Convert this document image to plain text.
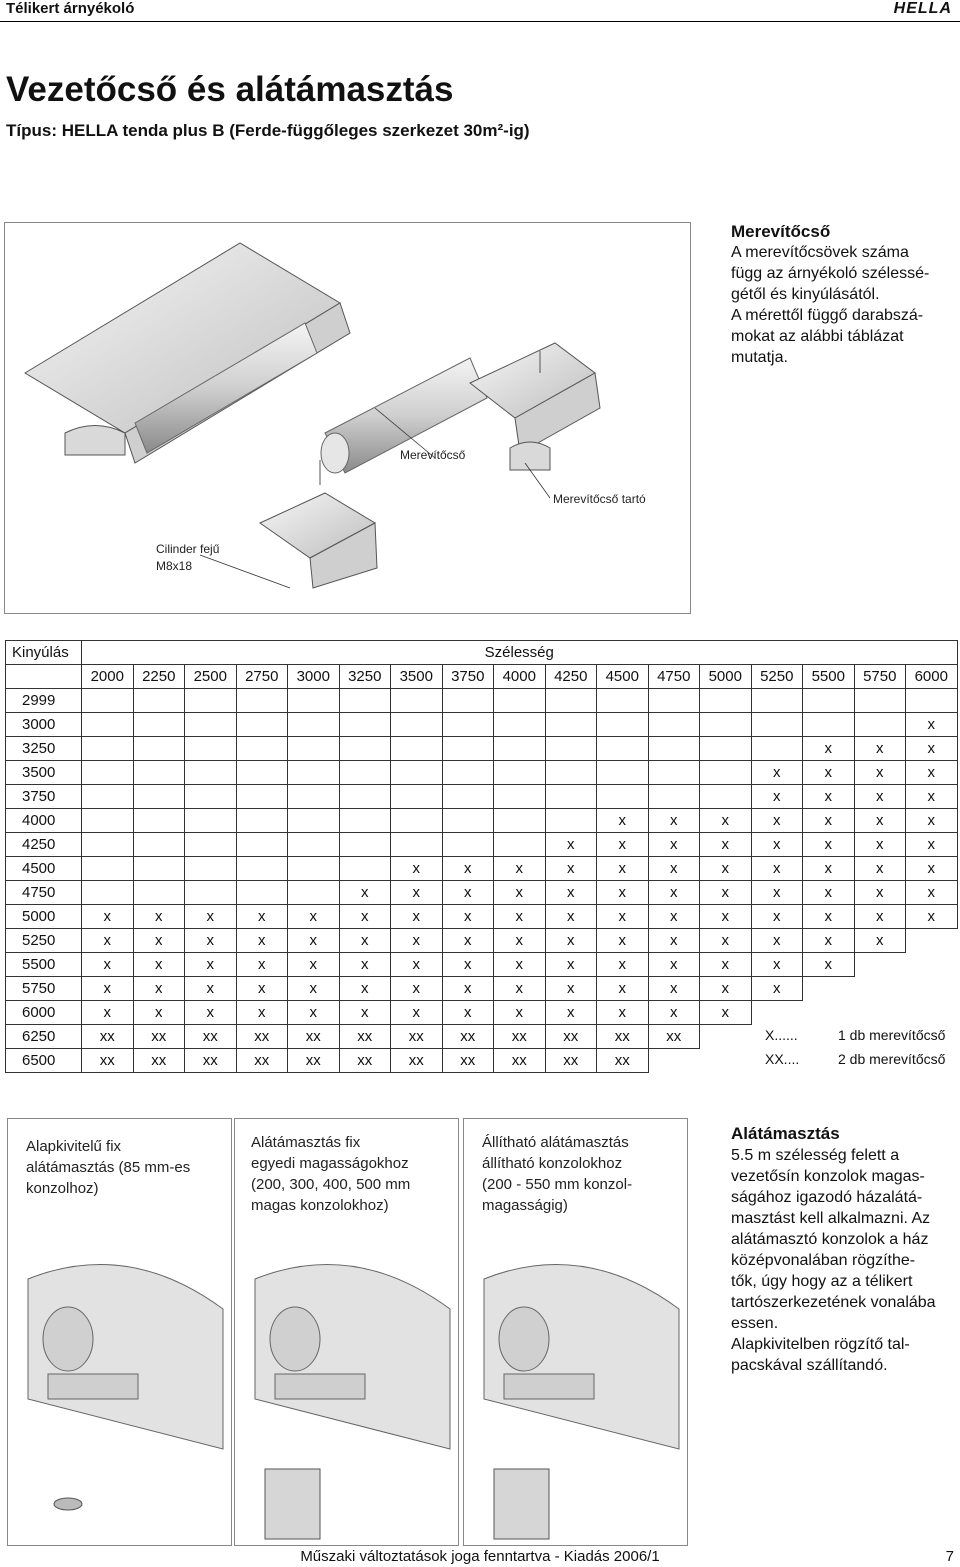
Télikert árnyékoló	HELLA
Vezetőcső és alátámasztás
Típus: HELLA tenda plus B (Ferde-függőleges szerkezet 30m²-ig)
Merevítőcső
Merevítőcső tartó
Cilinder fejű
M8x18
Merevítőcső
A merevítőcsövek száma
függ az árnyékoló szélessé-
gétől és kinyúlásától.
A mérettől függő darabszá-
mokat az alábbi táblázat
mutatja.
Kinyúlás	Szélesség																
	2000	2250	2500	2750	3000	3250	3500	3750	4000	4250	4500	4750	5000	5250	5500	5750	6000
2999																	
3000																	x
3250															x	x	x
3500														x	x	x	x
3750														x	x	x	x
4000											x	x	x	x	x	x	x
4250										x	x	x	x	x	x	x	x
4500							x	x	x	x	x	x	x	x	x	x	x
4750						x	x	x	x	x	x	x	x	x	x	x	x
5000	x	x	x	x	x	x	x	x	x	x	x	x	x	x	x	x	x
5250	x	x	x	x	x	x	x	x	x	x	x	x	x	x	x	x	
5500	x	x	x	x	x	x	x	x	x	x	x	x	x	x	x		
5750	x	x	x	x	x	x	x	x	x	x	x	x	x	x			
6000	x	x	x	x	x	x	x	x	x	x	x	x	x				
6250	xx	xx	xx	xx	xx	xx	xx	xx	xx	xx	xx	xx					
6500	xx	xx	xx	xx	xx	xx	xx	xx	xx	xx	xx						
X......	1 db merevítőcső
XX....	2 db merevítőcső
Alapkivitelű fix
alátámasztás (85 mm-es
konzolhoz)
Alátámasztás fix
egyedi magasságokhoz
(200, 300, 400, 500 mm
magas konzolokhoz)
Állítható alátámasztás
állítható konzolokhoz
(200 - 550 mm konzol-
magasságig)
Alátámasztás
5.5 m szélesség felett a
vezetősín konzolok magas-
ságához igazodó házalátá-
masztást kell alkalmazni. Az
alátámasztó konzolok a ház
középvonalában rögzíthe-
tők, úgy hogy az a télikert
tartószerkezetének vonalába
essen.
Alapkivitelben rögzítő tal-
pacskával szállítandó.
Műszaki változtatások joga fenntartva - Kiadás 2006/1	7
